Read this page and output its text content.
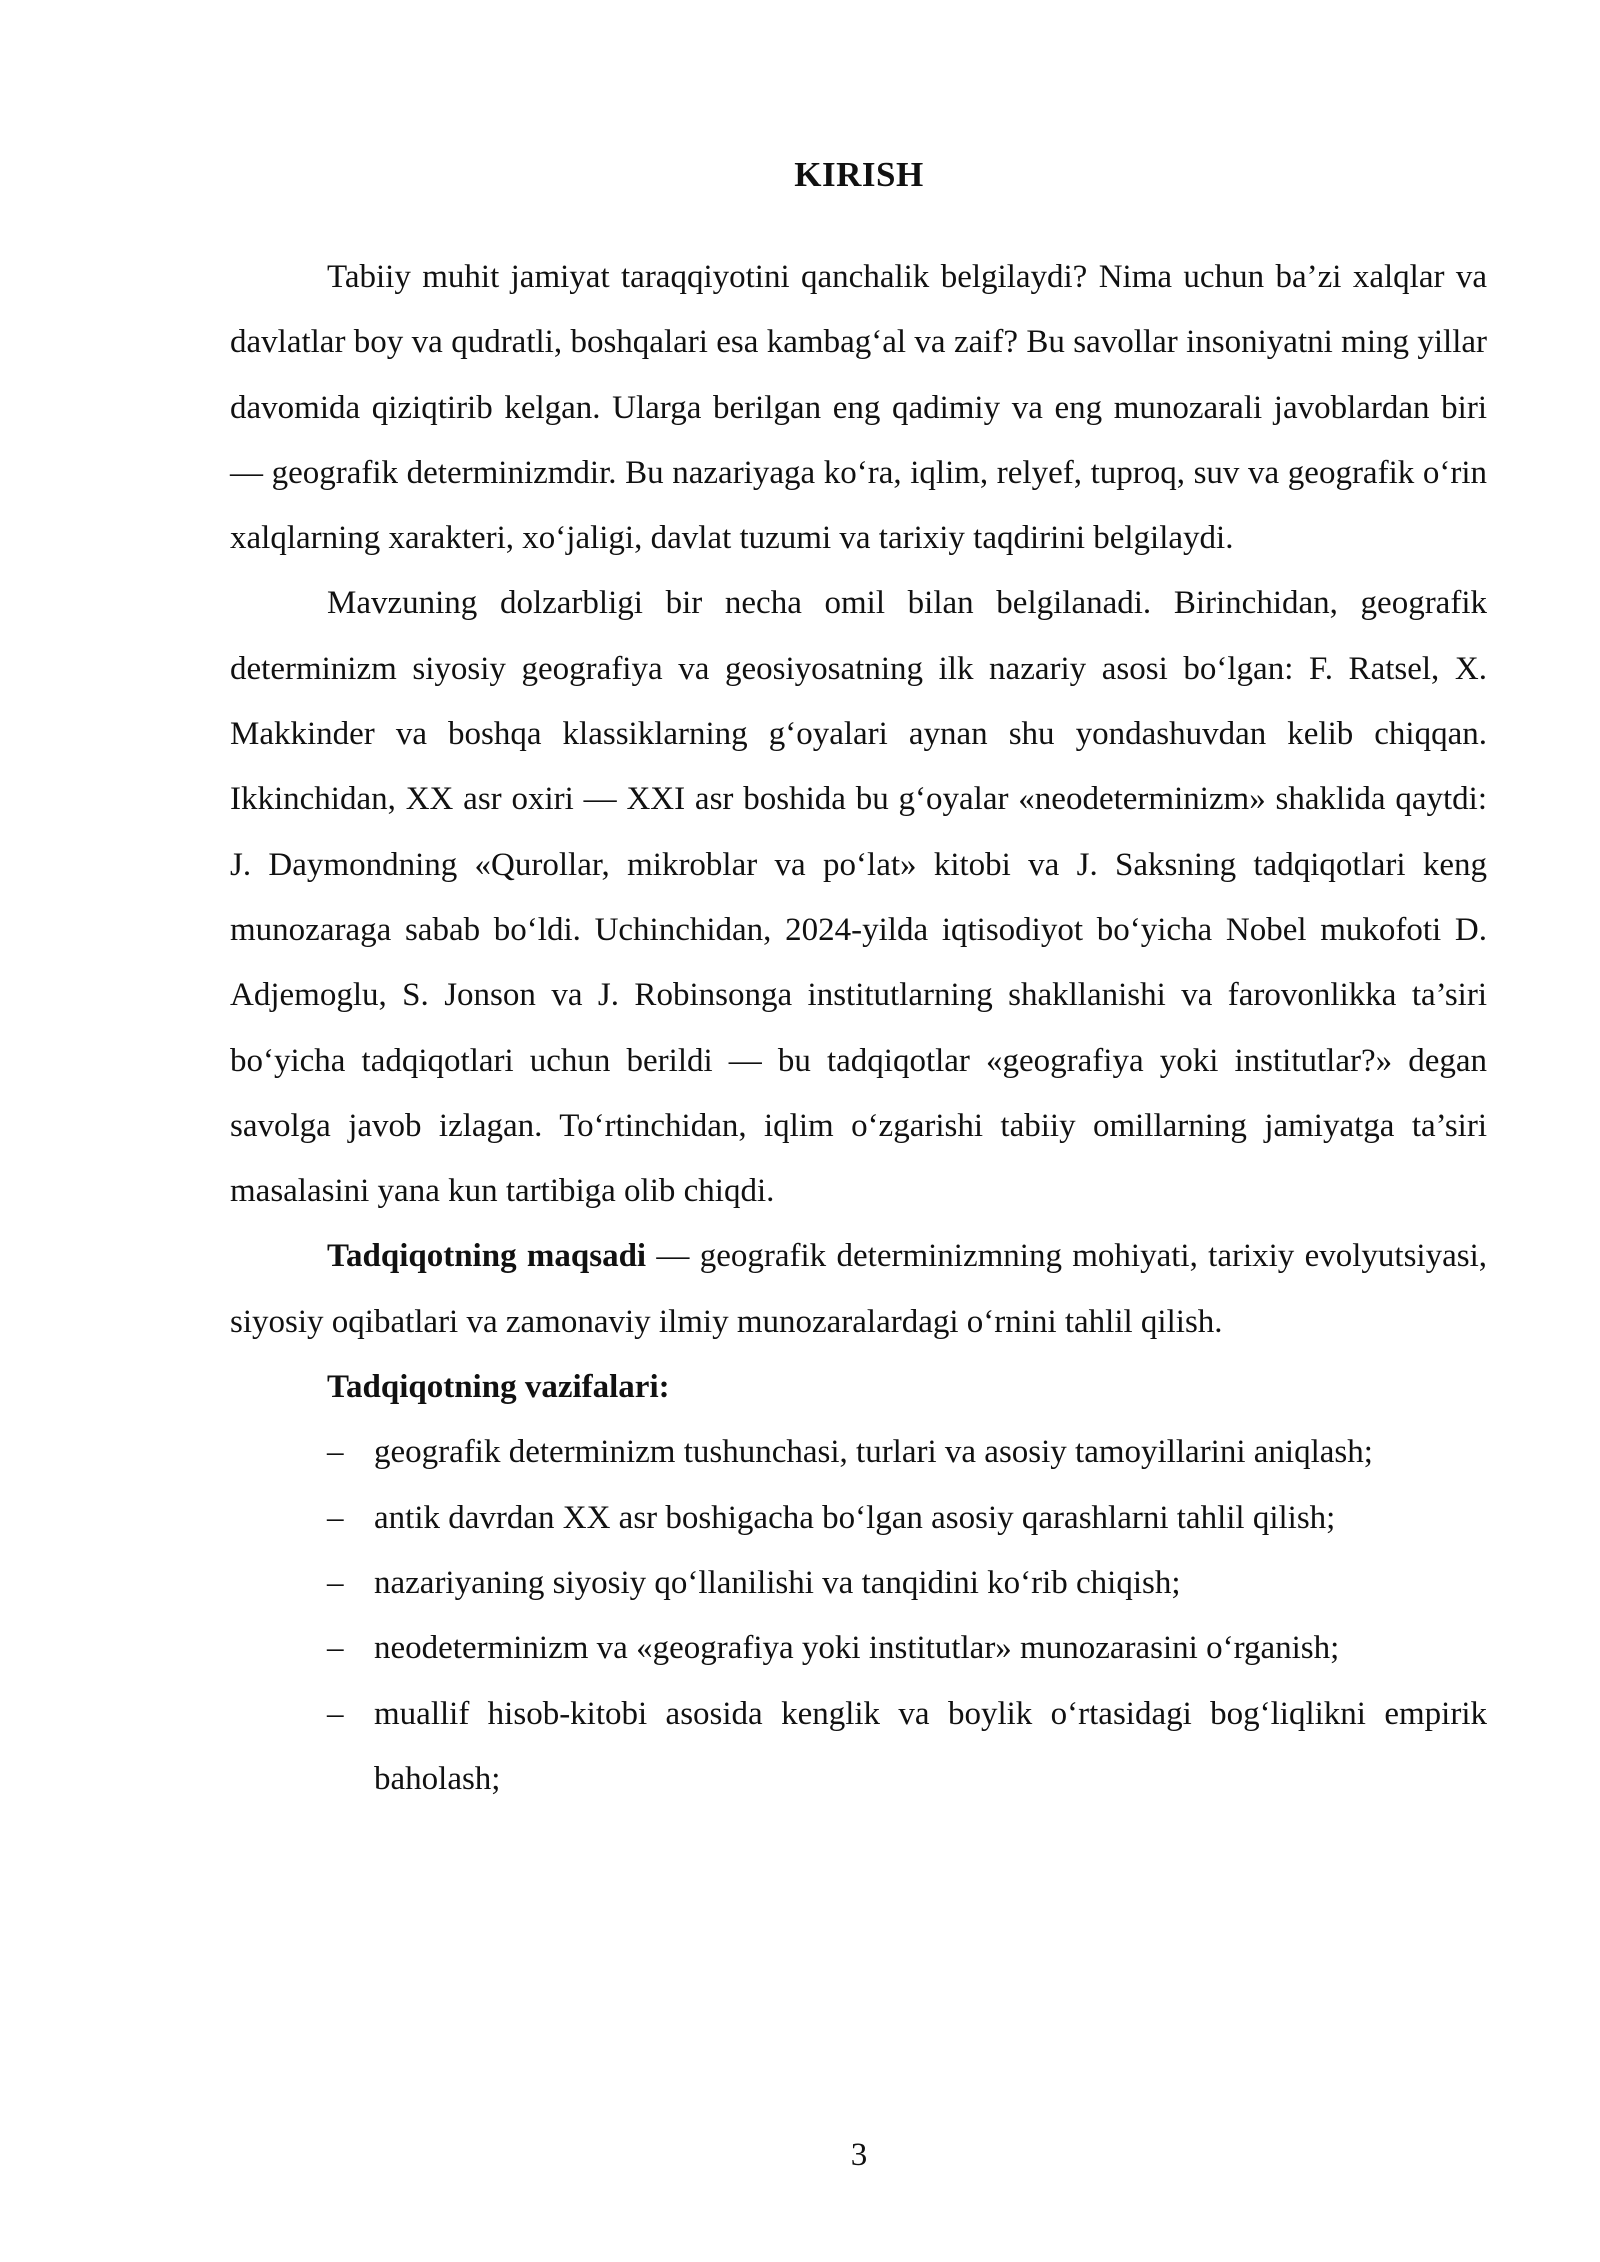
KIRISH

Tabiiy muhit jamiyat taraqqiyotini qanchalik belgilaydi? Nima uchun ba’zi xalqlar va davlatlar boy va qudratli, boshqalari esa kambag‘al va zaif? Bu savollar insoniyatni ming yillar davomida qiziqtirib kelgan. Ularga berilgan eng qadimiy va eng munozarali javoblardan biri — geografik determinizmdir. Bu nazariyaga ko‘ra, iqlim, relyef, tuproq, suv va geografik o‘rin xalqlarning xarakteri, xo‘jaligi, davlat tuzumi va tarixiy taqdirini belgilaydi.

Mavzuning dolzarbligi bir necha omil bilan belgilanadi. Birinchidan, geografik determinizm siyosiy geografiya va geosiyosatning ilk nazariy asosi bo‘lgan: F. Ratsel, X. Makkinder va boshqa klassiklarning g‘oyalari aynan shu yondashuvdan kelib chiqqan. Ikkinchidan, XX asr oxiri — XXI asr boshida bu g‘oyalar «neodeterminizm» shaklida qaytdi: J. Daymondning «Qurollar, mikroblar va po‘lat» kitobi va J. Saksning tadqiqotlari keng munozaraga sabab bo‘ldi. Uchinchidan, 2024-yilda iqtisodiyot bo‘yicha Nobel mukofoti D. Adjemoglu, S. Jonson va J. Robinsonga institutlarning shakllanishi va farovonlikka ta’siri bo‘yicha tadqiqotlari uchun berildi — bu tadqiqotlar «geografiya yoki institutlar?» degan savolga javob izlagan. To‘rtinchidan, iqlim o‘zgarishi tabiiy omillarning jamiyatga ta’siri masalasini yana kun tartibiga olib chiqdi.

Tadqiqotning maqsadi — geografik determinizmning mohiyati, tarixiy evolyutsiyasi, siyosiy oqibatlari va zamonaviy ilmiy munozaralardagi o‘rnini tahlil qilish.

Tadqiqotning vazifalari:

– geografik determinizm tushunchasi, turlari va asosiy tamoyillarini aniqlash;
– antik davrdan XX asr boshigacha bo‘lgan asosiy qarashlarni tahlil qilish;
– nazariyaning siyosiy qo‘llanilishi va tanqidini ko‘rib chiqish;
– neodeterminizm va «geografiya yoki institutlar» munozarasini o‘rganish;
– muallif hisob-kitobi asosida kenglik va boylik o‘rtasidagi bog‘liqlikni empirik baholash;
3
